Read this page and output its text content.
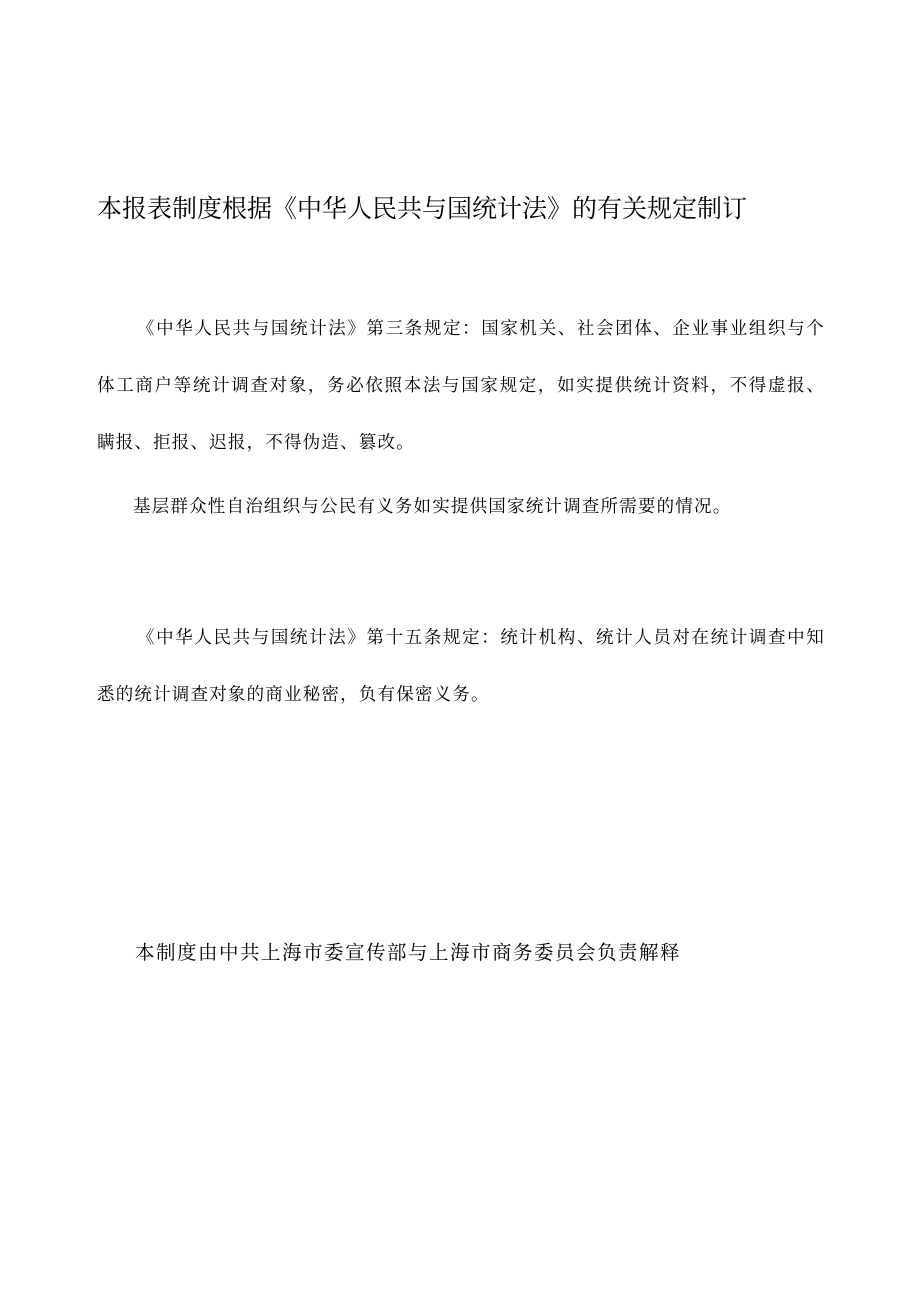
本报表制度根据《中华人民共与国统计法》的有关规定制订

《中华人民共与国统计法》第三条规定：国家机关、社会团体、企业事业组织与个体工商户等统计调查对象，务必依照本法与国家规定，如实提供统计资料，不得虚报、瞒报、拒报、迟报，不得伪造、篡改。

基层群众性自治组织与公民有义务如实提供国家统计调查所需要的情况。

《中华人民共与国统计法》第十五条规定：统计机构、统计人员对在统计调查中知悉的统计调查对象的商业秘密，负有保密义务。

本制度由中共上海市委宣传部与上海市商务委员会负责解释
